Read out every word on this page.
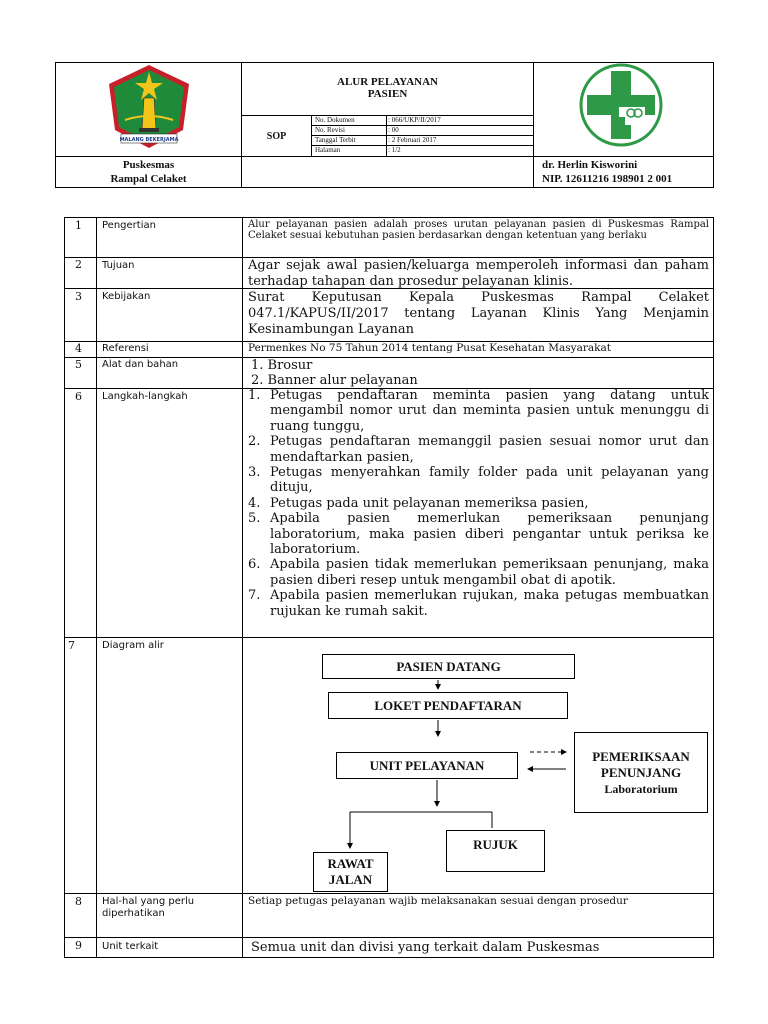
MALANG BEKERJAMA
ALUR PELAYANAN
PASIEN
SOP
No. Dokumen	: 066/UKP/II/2017
No. Revisi	: 00
Tanggal Terbit	: 2 Februari 2017
Halaman	: 1/2
Puskesmas
Rampal Celaket
dr. Herlin Kisworini
NIP. 12611216 198901 2 001
1 Pengertian	Alur pelayanan pasien adalah proses urutan pelayanan pasien di Puskesmas Rampal Celaket sesuai kebutuhan pasien berdasarkan dengan ketentuan yang berlaku
2 Tujuan	Agar sejak awal pasien/keluarga memperoleh informasi dan paham terhadap tahapan dan prosedur pelayanan klinis.
3 Kebijakan	Surat Keputusan Kepala Puskesmas Rampal Celaket 047.1/KAPUS/II/2017 tentang Layanan Klinis Yang Menjamin Kesinambungan Layanan
4 Referensi	Permenkes No 75 Tahun 2014 tentang Pusat Kesehatan Masyarakat
5 Alat dan bahan	1. Brosur
2. Banner alur pelayanan
6 Langkah-langkah	1. Petugas pendaftaran meminta pasien yang datang untuk mengambil nomor urut dan meminta pasien untuk menunggu di ruang tunggu,
2. Petugas pendaftaran memanggil pasien sesuai nomor urut dan mendaftarkan pasien,
3. Petugas menyerahkan family folder pada unit pelayanan yang dituju,
4. Petugas pada unit pelayanan memeriksa pasien,
5. Apabila pasien memerlukan pemeriksaan penunjang laboratorium, maka pasien diberi pengantar untuk periksa ke laboratorium.
6. Apabila pasien tidak memerlukan pemeriksaan penunjang, maka pasien diberi resep untuk mengambil obat di apotik.
7. Apabila pasien memerlukan rujukan, maka petugas membuatkan rujukan ke rumah sakit.
7	Diagram alir
PASIEN DATANG
LOKET PENDAFTARAN
UNIT PELAYANAN
PEMERIKSAAN
PENUNJANG
Laboratorium
RUJUK
RAWAT
JALAN
8 Hal-hal yang perlu
diperhatikan
Setiap petugas pelayanan wajib melaksanakan sesuai dengan prosedur
9 Unit terkait	Semua unit dan divisi yang terkait dalam Puskesmas
